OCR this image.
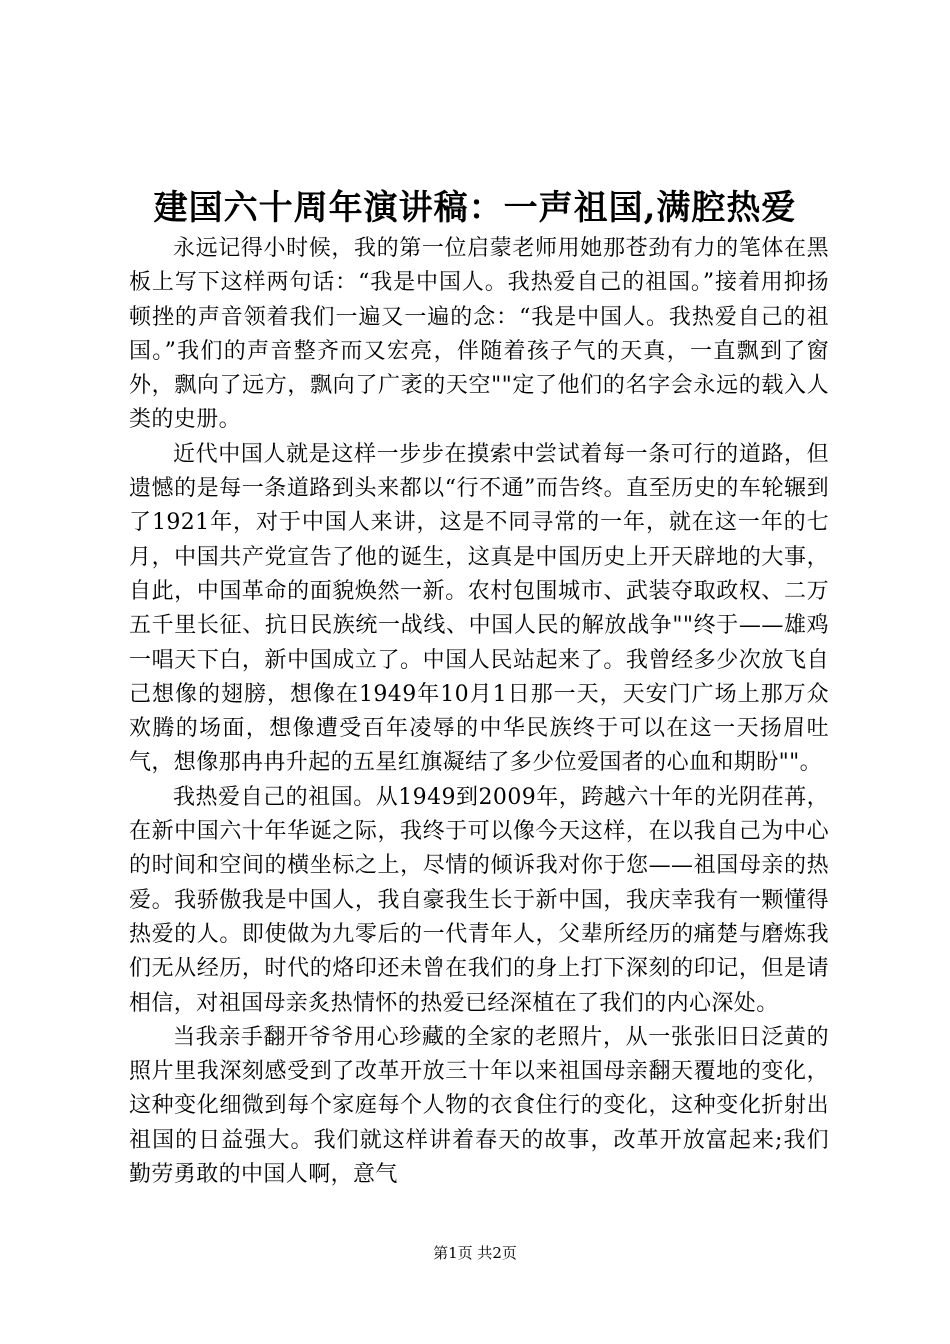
建国六十周年演讲稿：一声祖国,满腔热爱

永远记得小时候，我的第一位启蒙老师用她那苍劲有力的笔体在黑板上写下这样两句话：“我是中国人。我热爱自己的祖国。”接着用抑扬顿挫的声音领着我们一遍又一遍的念：“我是中国人。我热爱自己的祖国。”我们的声音整齐而又宏亮，伴随着孩子气的天真，一直飘到了窗外，飘向了远方，飘向了广袤的天空""定了他们的名字会永远的载入人类的史册。

近代中国人就是这样一步步在摸索中尝试着每一条可行的道路，但遗憾的是每一条道路到头来都以“行不通”而告终。直至历史的车轮辗到了1921年，对于中国人来讲，这是不同寻常的一年，就在这一年的七月，中国共产党宣告了他的诞生，这真是中国历史上开天辟地的大事，自此，中国革命的面貌焕然一新。农村包围城市、武装夺取政权、二万五千里长征、抗日民族统一战线、中国人民的解放战争""终于——雄鸡一唱天下白，新中国成立了。中国人民站起来了。我曾经多少次放飞自己想像的翅膀，想像在1949年10月1日那一天，天安门广场上那万众欢腾的场面，想像遭受百年凌辱的中华民族终于可以在这一天扬眉吐气，想像那冉冉升起的五星红旗凝结了多少位爱国者的心血和期盼""。

我热爱自己的祖国。从1949到2009年，跨越六十年的光阴荏苒，在新中国六十年华诞之际，我终于可以像今天这样，在以我自己为中心的时间和空间的横坐标之上，尽情的倾诉我对你于您——祖国母亲的热爱。我骄傲我是中国人，我自豪我生长于新中国，我庆幸我有一颗懂得热爱的人。即使做为九零后的一代青年人，父辈所经历的痛楚与磨炼我们无从经历，时代的烙印还未曾在我们的身上打下深刻的印记，但是请相信，对祖国母亲炙热情怀的热爱已经深植在了我们的内心深处。

当我亲手翻开爷爷用心珍藏的全家的老照片，从一张张旧日泛黄的照片里我深刻感受到了改革开放三十年以来祖国母亲翻天覆地的变化，这种变化细微到每个家庭每个人物的衣食住行的变化，这种变化折射出祖国的日益强大。我们就这样讲着春天的故事，改革开放富起来;我们勤劳勇敢的中国人啊，意气

第1页 共2页
